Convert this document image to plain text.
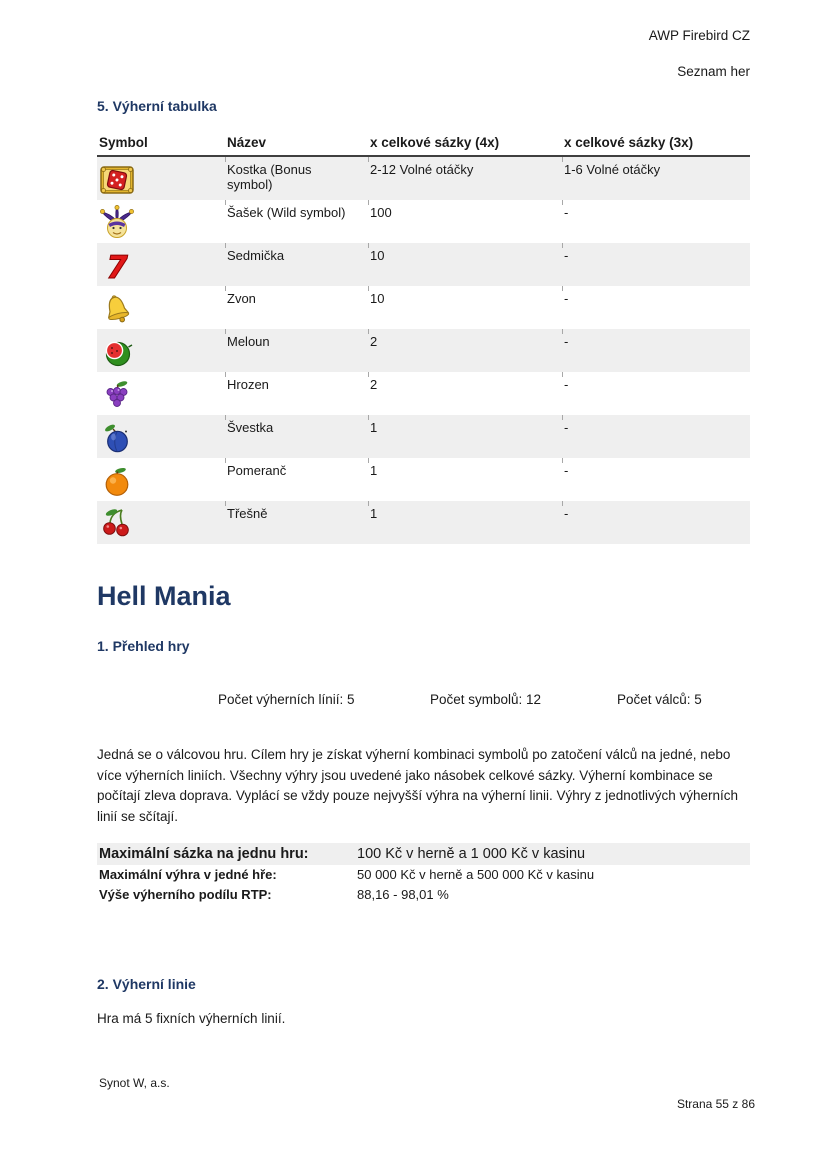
AWP Firebird CZ
Seznam her
5. Výherní tabulka
Symbol	Název	x celkové sázky (4x)	x celkové sázky (3x)

	Kostka (Bonus symbol)	2-12 Volné otáčky	1-6 Volné otáčky

	Šašek (Wild symbol)	100	-

	Sedmička	10	-

	Zvon	10	-

	Meloun	2	-

	Hrozen	2	-

	Švestka	1	-

	Pomeranč	1	-

	Třešně	1	-
Hell Mania
1. Přehled hry
Počet výherních línií: 5	Počet symbolů: 12	Počet válců: 5

Jedná se o válcovou hru. Cílem hry je získat výherní kombinaci symbolů po zatočení válců na jedné, nebo více výherních liniích. Všechny výhry jsou uvedené jako násobek celkové sázky. Výherní kombinace se počítají zleva doprava. Vyplácí se vždy pouze nejvyšší výhra na výherní linii. Výhry z jednotlivých výherních linií se sčítají.

Maximální sázka na jednu hru:	100 Kč v herně a 1 000 Kč v kasinu
Maximální výhra v jedné hře:	50 000 Kč v herně a 500 000 Kč v kasinu
Výše výherního podílu RTP:	88,16 - 98,01 %
2. Výherní linie

Hra má 5 fixních výherních linií.

Synot W, a.s.
Strana 55 z 86
